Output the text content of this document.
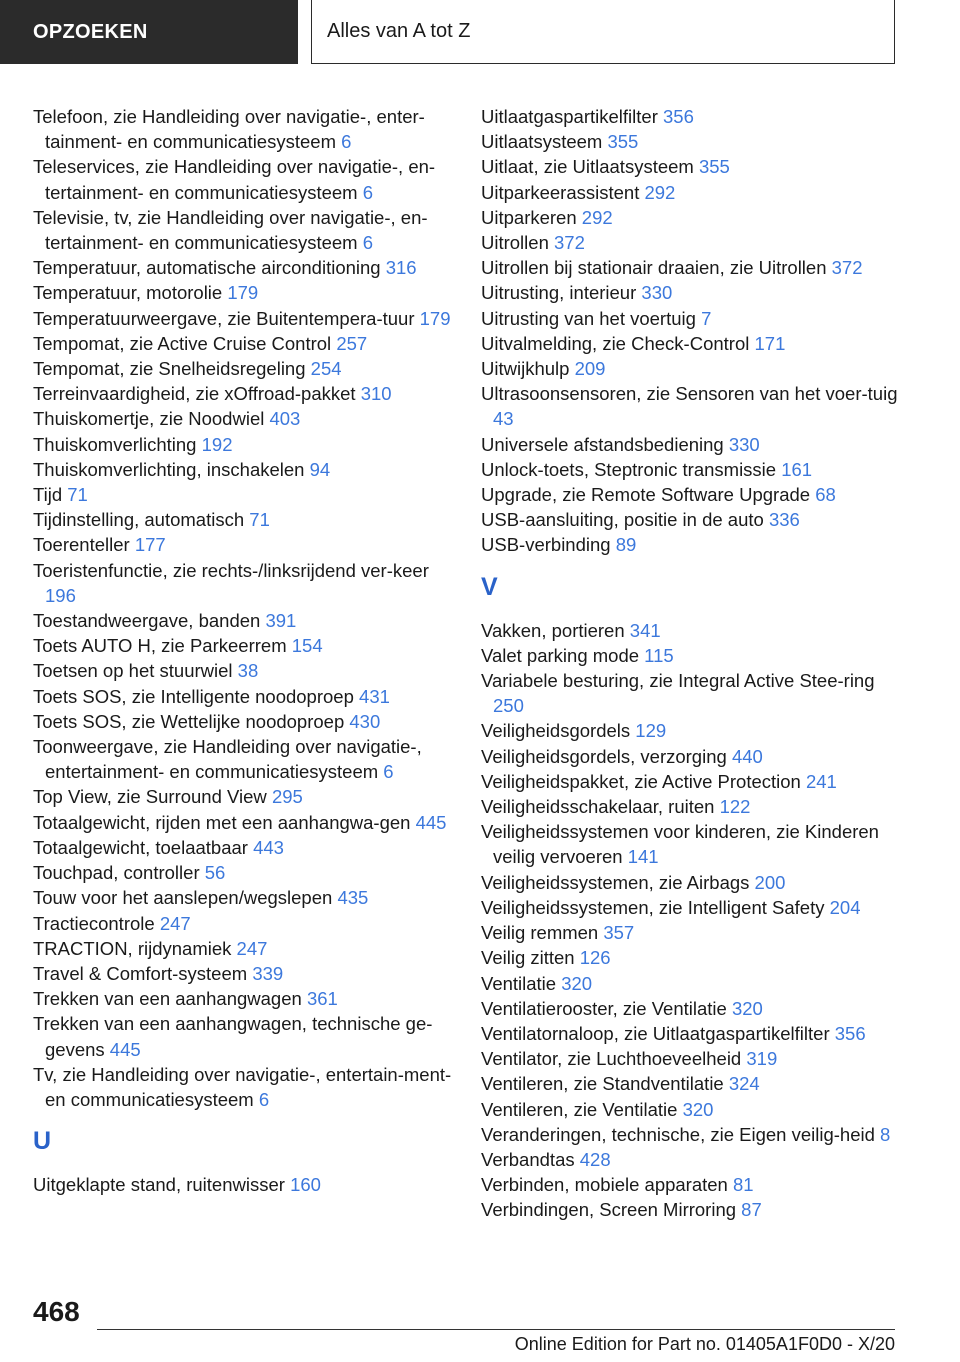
OPZOEKEN	Alles van A tot Z

Telefoon, zie Handleiding over navigatie-, enter-tainment- en communicatiesysteem 6

Teleservices, zie Handleiding over navigatie-, en-tertainment- en communicatiesysteem 6

Televisie, tv, zie Handleiding over navigatie-, en-tertainment- en communicatiesysteem 6

Temperatuur, automatische airconditioning 316

Temperatuur, motorolie 179

Temperatuurweergave, zie Buitentempera-tuur 179

Tempomat, zie Active Cruise Control 257

Tempomat, zie Snelheidsregeling 254

Terreinvaardigheid, zie xOffroad-pakket 310

Thuiskomertje, zie Noodwiel 403

Thuiskomverlichting 192

Thuiskomverlichting, inschakelen 94

Tijd 71

Tijdinstelling, automatisch 71

Toerenteller 177

Toeristenfunctie, zie rechts-/linksrijdend ver-keer 196

Toestandweergave, banden 391

Toets AUTO H, zie Parkeerrem 154

Toetsen op het stuurwiel 38

Toets SOS, zie Intelligente noodoproep 431

Toets SOS, zie Wettelijke noodoproep 430

Toonweergave, zie Handleiding over navigatie-, entertainment- en communicatiesysteem 6

Top View, zie Surround View 295

Totaalgewicht, rijden met een aanhangwa-gen 445

Totaalgewicht, toelaatbaar 443

Touchpad, controller 56

Touw voor het aanslepen/wegslepen 435

Tractiecontrole 247

TRACTION, rijdynamiek 247

Travel & Comfort-systeem 339

Trekken van een aanhangwagen 361

Trekken van een aanhangwagen, technische ge-gevens 445

Tv, zie Handleiding over navigatie-, entertain-ment- en communicatiesysteem 6

U

Uitgeklapte stand, ruitenwisser 160

Uitlaatgaspartikelfilter 356

Uitlaatsysteem 355

Uitlaat, zie Uitlaatsysteem 355

Uitparkeerassistent 292

Uitparkeren 292

Uitrollen 372

Uitrollen bij stationair draaien, zie Uitrollen 372

Uitrusting, interieur 330

Uitrusting van het voertuig 7

Uitvalmelding, zie Check-Control 171

Uitwijkhulp 209

Ultrasoonsensoren, zie Sensoren van het voer-tuig 43

Universele afstandsbediening 330

Unlock-toets, Steptronic transmissie 161

Upgrade, zie Remote Software Upgrade 68

USB-aansluiting, positie in de auto 336

USB-verbinding 89

V

Vakken, portieren 341

Valet parking mode 115

Variabele besturing, zie Integral Active Stee-ring 250

Veiligheidsgordels 129

Veiligheidsgordels, verzorging 440

Veiligheidspakket, zie Active Protection 241

Veiligheidsschakelaar, ruiten 122

Veiligheidssystemen voor kinderen, zie Kinderen veilig vervoeren 141

Veiligheidssystemen, zie Airbags 200

Veiligheidssystemen, zie Intelligent Safety 204

Veilig remmen 357

Veilig zitten 126

Ventilatie 320

Ventilatierooster, zie Ventilatie 320

Ventilatornaloop, zie Uitlaatgaspartikelfilter 356

Ventilator, zie Luchthoeveelheid 319

Ventileren, zie Standventilatie 324

Ventileren, zie Ventilatie 320

Veranderingen, technische, zie Eigen veilig-heid 8

Verbandtas 428

Verbinden, mobiele apparaten 81

Verbindingen, Screen Mirroring 87

468
Online Edition for Part no. 01405A1F0D0 - X/20
